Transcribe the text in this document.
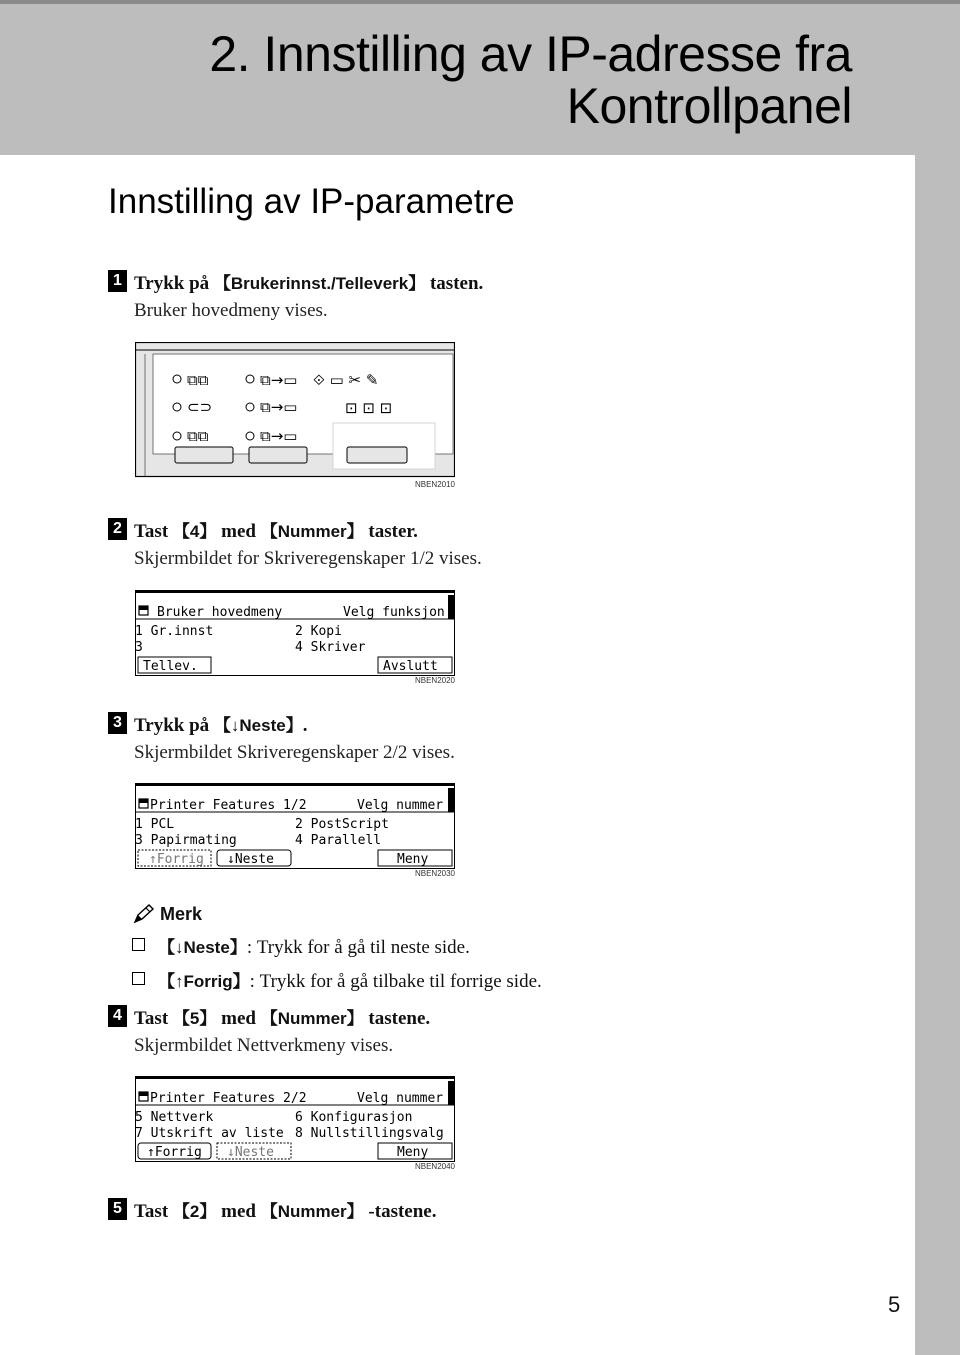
2. Innstilling av IP-adresse fra
Kontrollpanel
Innstilling av IP-parametre
1 Trykk på 【Brukerinnst./Telleverk】 tasten.
Bruker hovedmeny vises.
⧉⧉
⊂⊃
⧉⧉
⧉→▭
⧉→▭
⧉→▭
⟐ ▭ ✂ ✎
⊡ ⊡ ⊡
NBEN2010
2 Tast 【4】 med 【Nummer】 taster.
Skjermbildet for Skriveregenskaper 1/2 vises.
Bruker hovedmeny	Velg funksjon
1 Gr.innst	2 Kopi
3	4 Skriver
Tellev.	Avslutt
NBEN2020
3 Trykk på 【↓Neste】.
Skjermbildet Skriveregenskaper 2/2 vises.
Printer Features 1/2	Velg nummer
1 PCL	2 PostScript
3 Papirmating	4 Parallell
↑Forrig ↓Neste	Meny
NBEN2030
Merk
【↓Neste】: Trykk for å gå til neste side.
【↑Forrig】: Trykk for å gå tilbake til forrige side.
4 Tast 【5】 med 【Nummer】 tastene.
Skjermbildet Nettverkmeny vises.
Printer Features 2/2	Velg nummer
5 Nettverk	6 Konfigurasjon
7 Utskrift av liste 8 Nullstillingsvalg
↑Forrig ↓Neste	Meny
NBEN2040
5 Tast 【2】 med 【Nummer】 -tastene.
5
